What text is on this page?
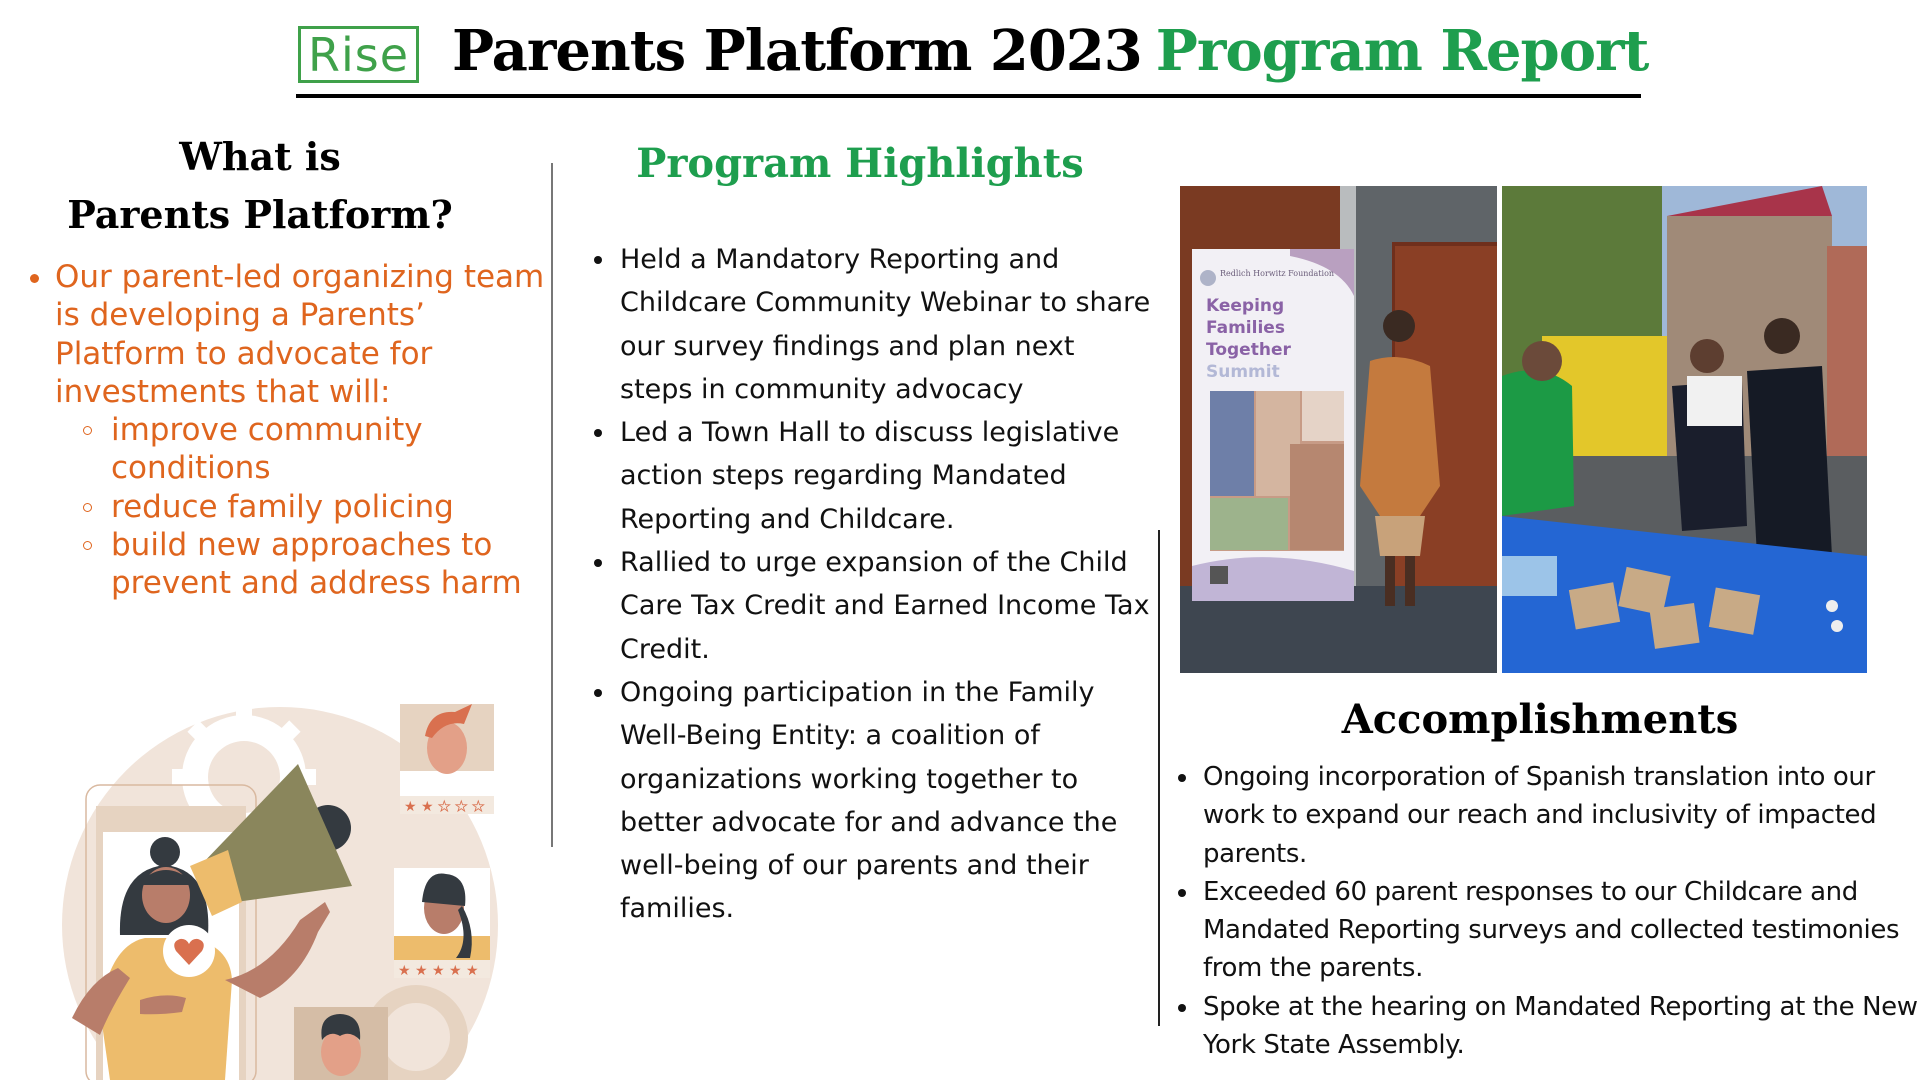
Rise Parents Platform 2023 Program Report
What is
Parents Platform?
Our parent-led organizing team is developing a Parents’ Platform to advocate for investments that will:
improve community conditions
reduce family policing
build new approaches to prevent and address harm
★ ★ ★ ★ ★
★ ★ ★ ★ ★
Program Highlights
Held a Mandatory Reporting and Childcare Community Webinar to share our survey findings and plan next steps in community advocacy
Led a Town Hall to discuss legislative action steps regarding Mandated Reporting and Childcare.
Rallied to urge expansion of the Child Care Tax Credit and Earned Income Tax Credit.
Ongoing participation in the Family Well-Being Entity: a coalition of organizations working together to better advocate for and advance the well-being of our parents and their families.
Redlich Horwitz Foundation
Keeping
Families
Together
Summit
Accomplishments
Ongoing incorporation of Spanish translation into our work to expand our reach and inclusivity of impacted parents.
Exceeded 60 parent responses to our Childcare and Mandated Reporting surveys and collected testimonies from the parents.
Spoke at the hearing on Mandated Reporting at the New York State Assembly.
